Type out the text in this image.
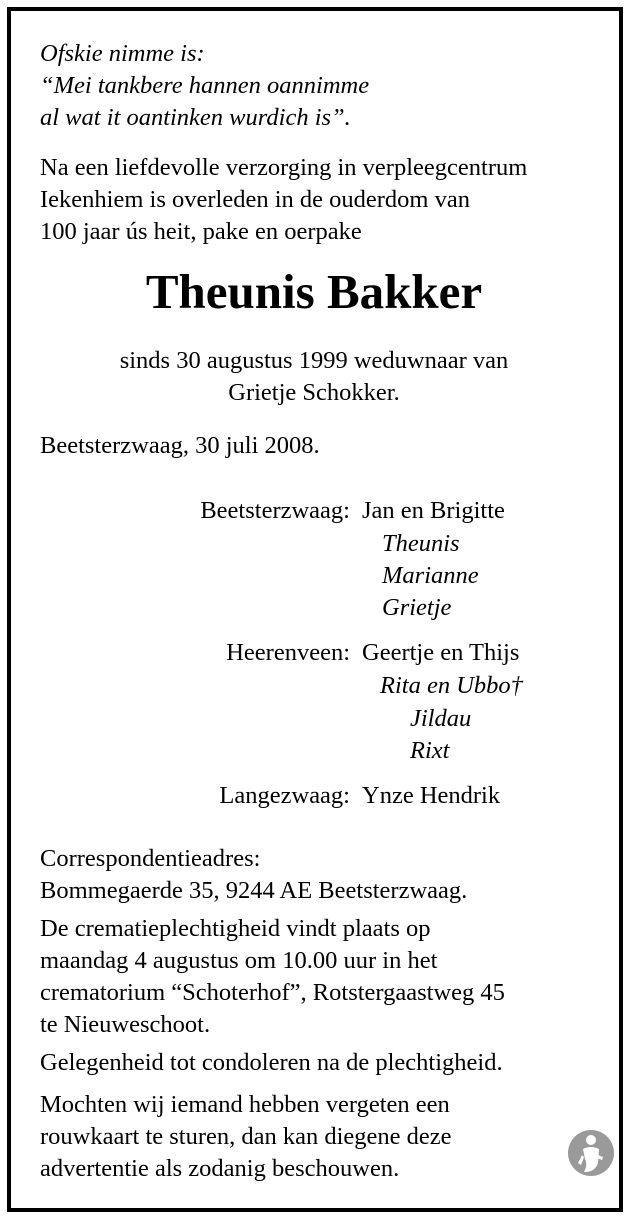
Ofskie nimme is:

“Mei tankbere hannen oannimme

al wat it oantinken wurdich is”.

Na een liefdevolle verzorging in verpleegcentrum

Iekenhiem is overleden in de ouderdom van

100 jaar ús heit, pake en oerpake

Theunis Bakker

sinds 30 augustus 1999 weduwnaar van

Grietje Schokker.

Beetsterzwaag, 30 juli 2008.

Beetsterzwaag: Jan en Brigitte

Theunis

Marianne

Grietje

Heerenveen: Geertje en Thijs

Rita en Ubbo†

Jildau

Rixt

Langezwaag: Ynze Hendrik

Correspondentieadres:

Bommegaerde 35, 9244 AE Beetsterzwaag.

De crematieplechtigheid vindt plaats op

maandag 4 augustus om 10.00 uur in het

crematorium “Schoterhof”, Rotstergaastweg 45

te Nieuweschoot.

Gelegenheid tot condoleren na de plechtigheid.

Mochten wij iemand hebben vergeten een

rouwkaart te sturen, dan kan diegene deze

advertentie als zodanig beschouwen.
